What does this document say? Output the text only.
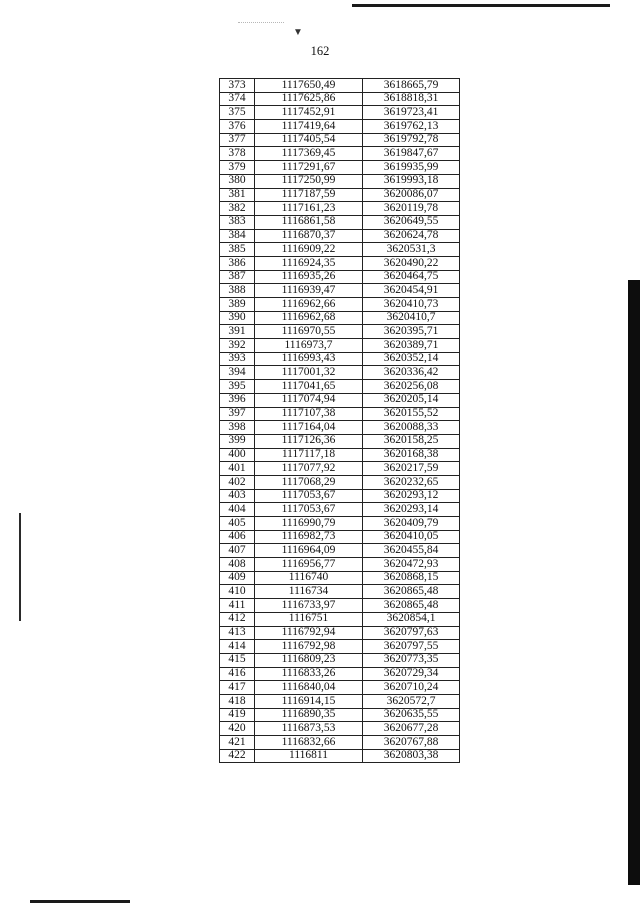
▼
162
373	1117650,49	3618665,79
374	1117625,86	3618818,31
375	1117452,91	3619723,41
376	1117419,64	3619762,13
377	1117405,54	3619792,78
378	1117369,45	3619847,67
379	1117291,67	3619935,99
380	1117250,99	3619993,18
381	1117187,59	3620086,07
382	1117161,23	3620119,78
383	1116861,58	3620649,55
384	1116870,37	3620624,78
385	1116909,22	3620531,3
386	1116924,35	3620490,22
387	1116935,26	3620464,75
388	1116939,47	3620454,91
389	1116962,66	3620410,73
390	1116962,68	3620410,7
391	1116970,55	3620395,71
392	1116973,7	3620389,71
393	1116993,43	3620352,14
394	1117001,32	3620336,42
395	1117041,65	3620256,08
396	1117074,94	3620205,14
397	1117107,38	3620155,52
398	1117164,04	3620088,33
399	1117126,36	3620158,25
400	1117117,18	3620168,38
401	1117077,92	3620217,59
402	1117068,29	3620232,65
403	1117053,67	3620293,12
404	1117053,67	3620293,14
405	1116990,79	3620409,79
406	1116982,73	3620410,05
407	1116964,09	3620455,84
408	1116956,77	3620472,93
409	1116740	3620868,15
410	1116734	3620865,48
411	1116733,97	3620865,48
412	1116751	3620854,1
413	1116792,94	3620797,63
414	1116792,98	3620797,55
415	1116809,23	3620773,35
416	1116833,26	3620729,34
417	1116840,04	3620710,24
418	1116914,15	3620572,7
419	1116890,35	3620635,55
420	1116873,53	3620677,28
421	1116832,66	3620767,88
422	1116811	3620803,38
